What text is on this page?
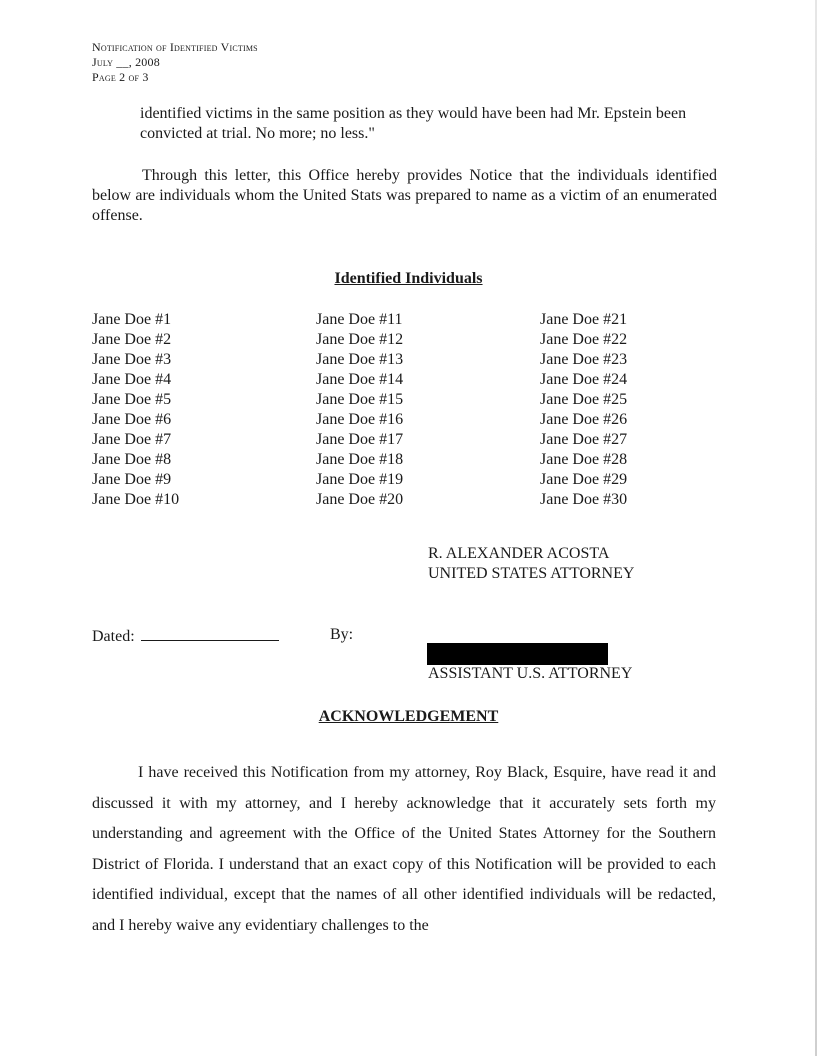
Notification of Identified Victims
July __, 2008
Page 2 of 3
identified victims in the same position as they would have been had Mr. Epstein been convicted at trial. No more; no less."
Through this letter, this Office hereby provides Notice that the individuals identified below are individuals whom the United Stats was prepared to name as a victim of an enumerated offense.
Identified Individuals
Jane Doe #1
Jane Doe #2
Jane Doe #3
Jane Doe #4
Jane Doe #5
Jane Doe #6
Jane Doe #7
Jane Doe #8
Jane Doe #9
Jane Doe #10
Jane Doe #11
Jane Doe #12
Jane Doe #13
Jane Doe #14
Jane Doe #15
Jane Doe #16
Jane Doe #17
Jane Doe #18
Jane Doe #19
Jane Doe #20
Jane Doe #21
Jane Doe #22
Jane Doe #23
Jane Doe #24
Jane Doe #25
Jane Doe #26
Jane Doe #27
Jane Doe #28
Jane Doe #29
Jane Doe #30
R. ALEXANDER ACOSTA
UNITED STATES ATTORNEY
Dated:	By:
ASSISTANT U.S. ATTORNEY
ACKNOWLEDGEMENT

I have received this Notification from my attorney, Roy Black, Esquire, have read it and discussed it with my attorney, and I hereby acknowledge that it accurately sets forth my understanding and agreement with the Office of the United States Attorney for the Southern District of Florida. I understand that an exact copy of this Notification will be provided to each identified individual, except that the names of all other identified individuals will be redacted, and I hereby waive any evidentiary challenges to the
